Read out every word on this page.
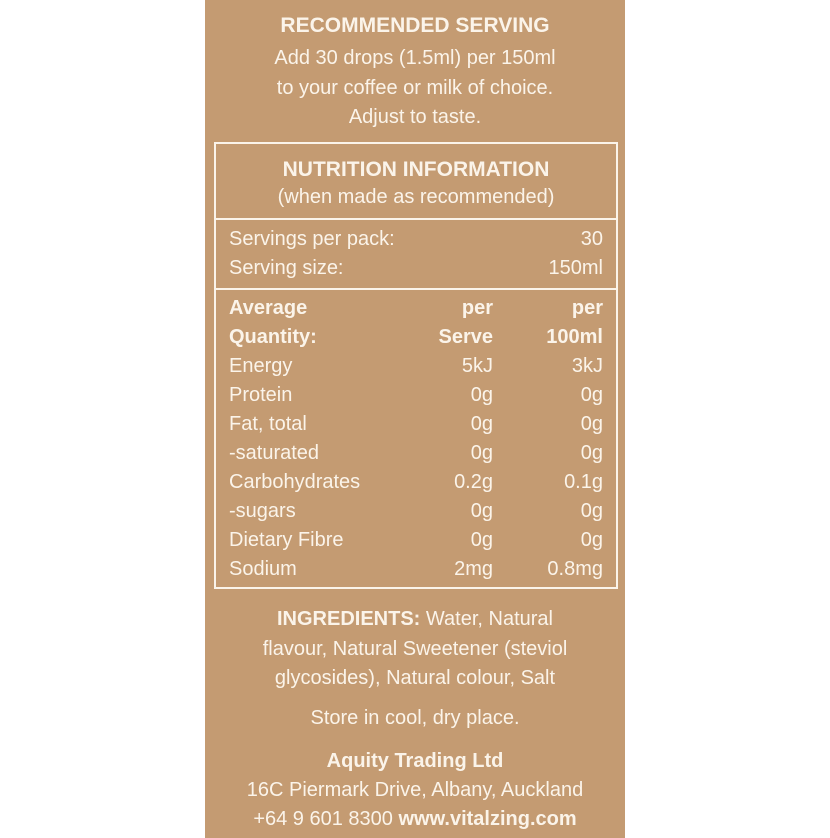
RECOMMENDED SERVING
Add 30 drops (1.5ml) per 150ml
to your coffee or milk of choice.
Adjust to taste.
NUTRITION INFORMATION
(when made as recommended)
Servings per pack:	30
Serving size:	150ml
Average	per	per
Quantity:	Serve	100ml
Energy	5kJ	3kJ
Protein	0g	0g
Fat, total	0g	0g
-saturated	0g	0g
Carbohydrates	0.2g	0.1g
-sugars	0g	0g
Dietary Fibre	0g	0g
Sodium	2mg	0.8mg
INGREDIENTS: Water, Natural
flavour, Natural Sweetener (steviol
glycosides), Natural colour, Salt
Store in cool, dry place.
Aquity Trading Ltd
16C Piermark Drive, Albany, Auckland
+64 9 601 8300 www.vitalzing.com
